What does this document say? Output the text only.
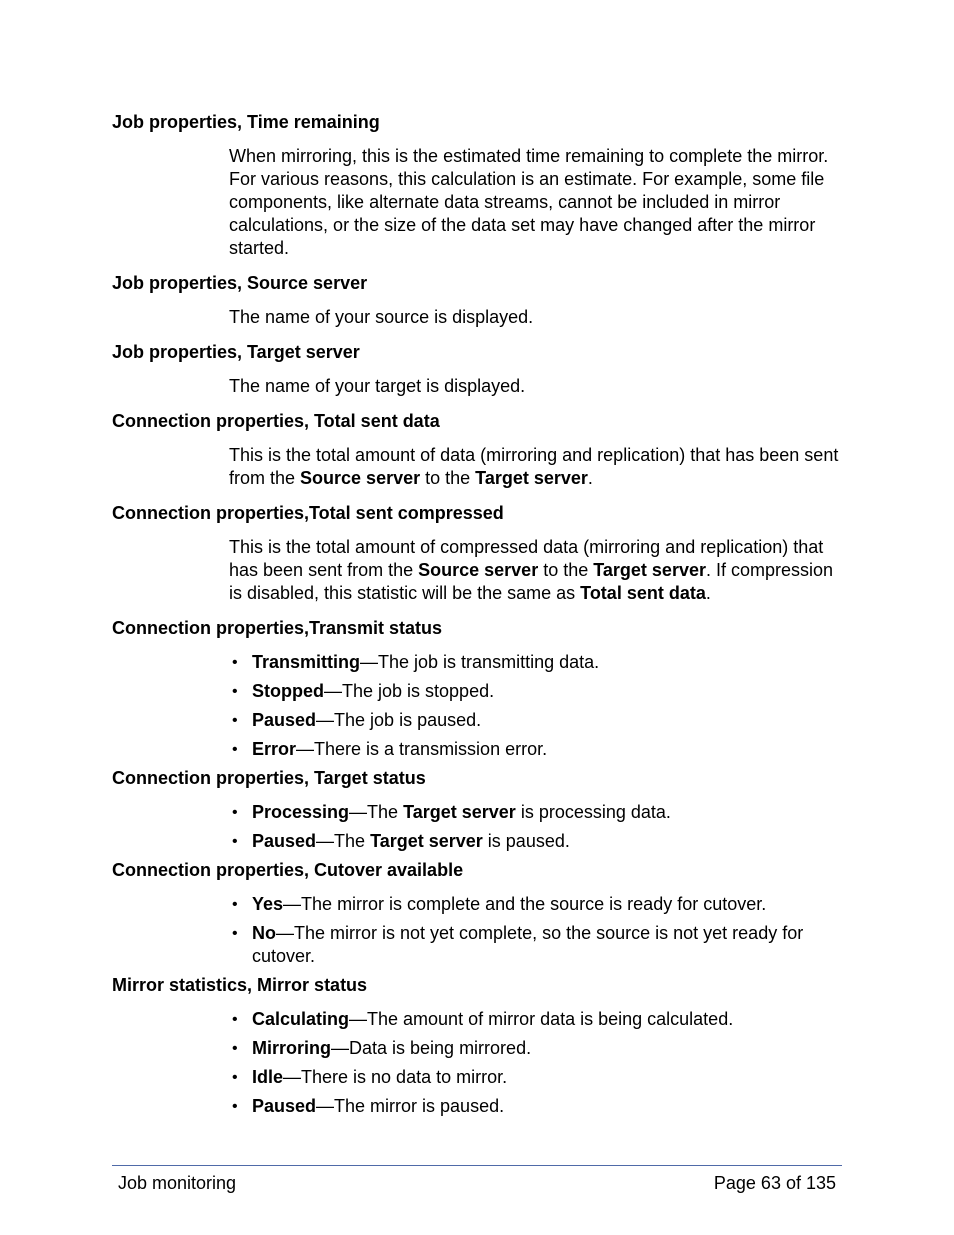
Job properties, Time remaining
When mirroring, this is the estimated time remaining to complete the mirror. For various reasons, this calculation is an estimate. For example, some file components, like alternate data streams, cannot be included in mirror calculations, or the size of the data set may have changed after the mirror started.
Job properties, Source server
The name of your source is displayed.
Job properties, Target server
The name of your target is displayed.
Connection properties, Total sent data
This is the total amount of data (mirroring and replication) that has been sent from the Source server to the Target server.
Connection properties,Total sent compressed
This is the total amount of compressed data (mirroring and replication) that has been sent from the Source server to the Target server. If compression is disabled, this statistic will be the same as Total sent data.
Connection properties,Transmit status
• Transmitting—The job is transmitting data.
• Stopped—The job is stopped.
• Paused—The job is paused.
• Error—There is a transmission error.
Connection properties, Target status
• Processing—The Target server is processing data.
• Paused—The Target server is paused.
Connection properties, Cutover available
• Yes—The mirror is complete and the source is ready for cutover.
• No—The mirror is not yet complete, so the source is not yet ready for cutover.
Mirror statistics, Mirror status
• Calculating—The amount of mirror data is being calculated.
• Mirroring—Data is being mirrored.
• Idle—There is no data to mirror.
• Paused—The mirror is paused.
Job monitoring	Page 63 of 135
